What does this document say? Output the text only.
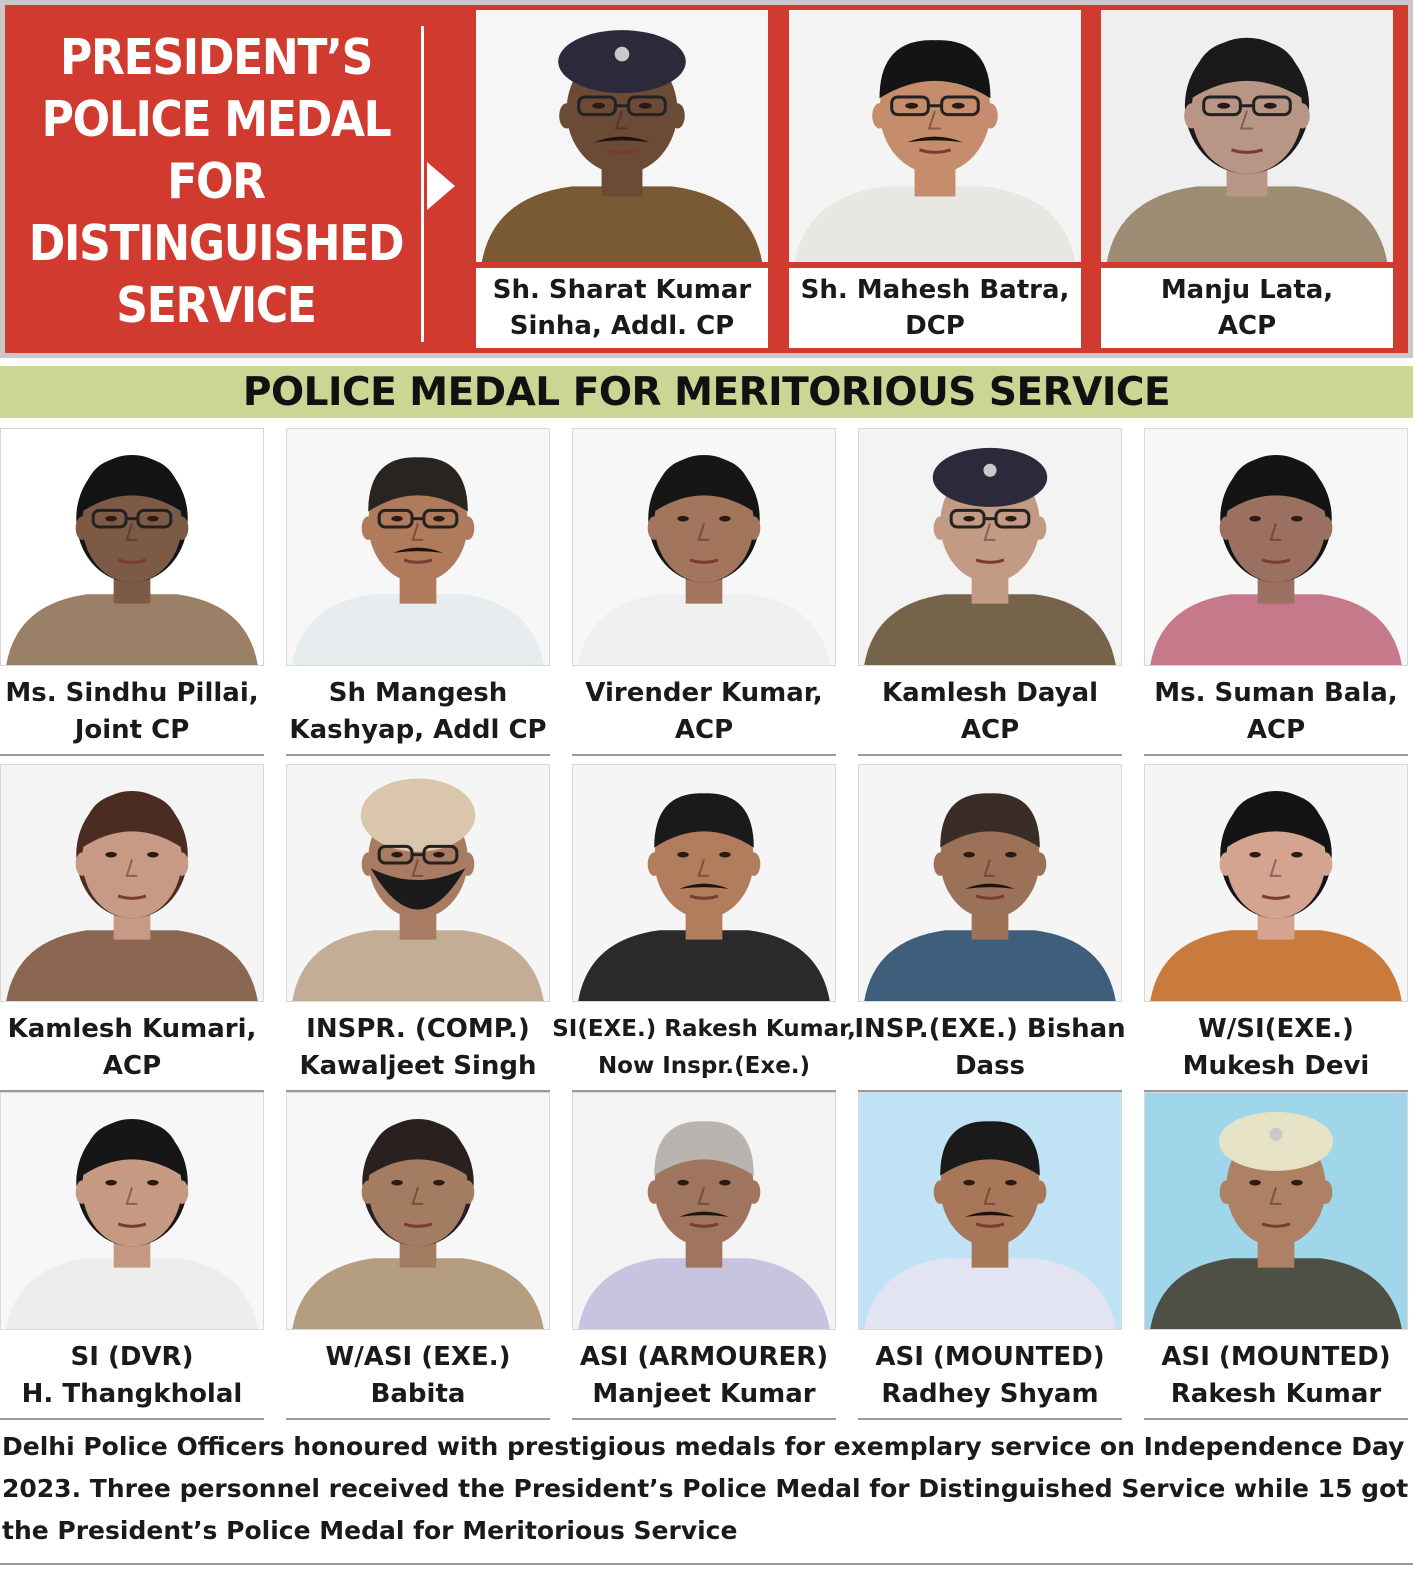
PRESIDENT’S
POLICE MEDAL
FOR
DISTINGUISHED
SERVICE	Sh. Sharat Kumar
Sinha, Addl. CP
Sh. Mahesh Batra,
DCP
Manju Lata,
ACP
POLICE MEDAL FOR MERITORIOUS SERVICE
Ms. Sindhu Pillai,
Joint CP
Sh Mangesh
Kashyap, Addl CP
Virender Kumar,
ACP
Kamlesh Dayal
ACP
Ms. Suman Bala,
ACP
Kamlesh Kumari,
ACP
INSPR. (COMP.)
Kawaljeet Singh
SI(EXE.) Rakesh Kumar,
Now Inspr.(Exe.)
INSP.(EXE.) Bishan
Dass
W/SI(EXE.)
Mukesh Devi
SI (DVR)
H. Thangkholal
W/ASI (EXE.)
Babita
ASI (ARMOURER)
Manjeet Kumar
ASI (MOUNTED)
Radhey Shyam
ASI (MOUNTED)
Rakesh Kumar
Delhi Police Officers honoured with prestigious medals for exemplary service on Independence Day 2023. Three personnel received the President’s Police Medal for Distinguished Service while 15 got the President’s Police Medal for Meritorious Service
